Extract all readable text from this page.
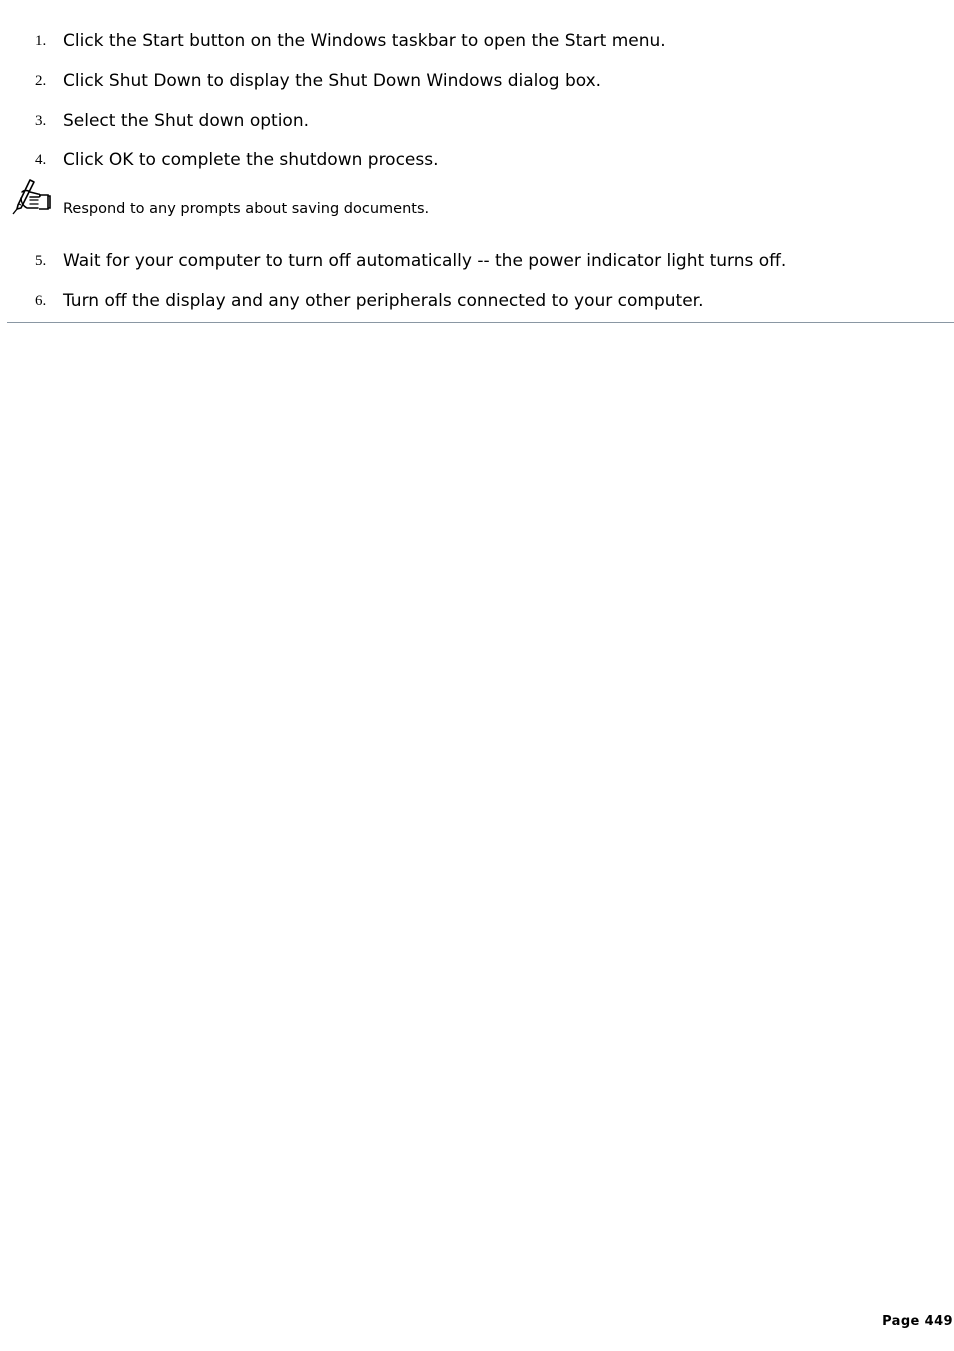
1. Click the Start button on the Windows taskbar to open the Start menu.
2. Click Shut Down to display the Shut Down Windows dialog box.
3. Select the Shut down option.
4. Click OK to complete the shutdown process.
Respond to any prompts about saving documents.
5. Wait for your computer to turn off automatically -- the power indicator light turns off.
6. Turn off the display and any other peripherals connected to your computer.
Page 449
